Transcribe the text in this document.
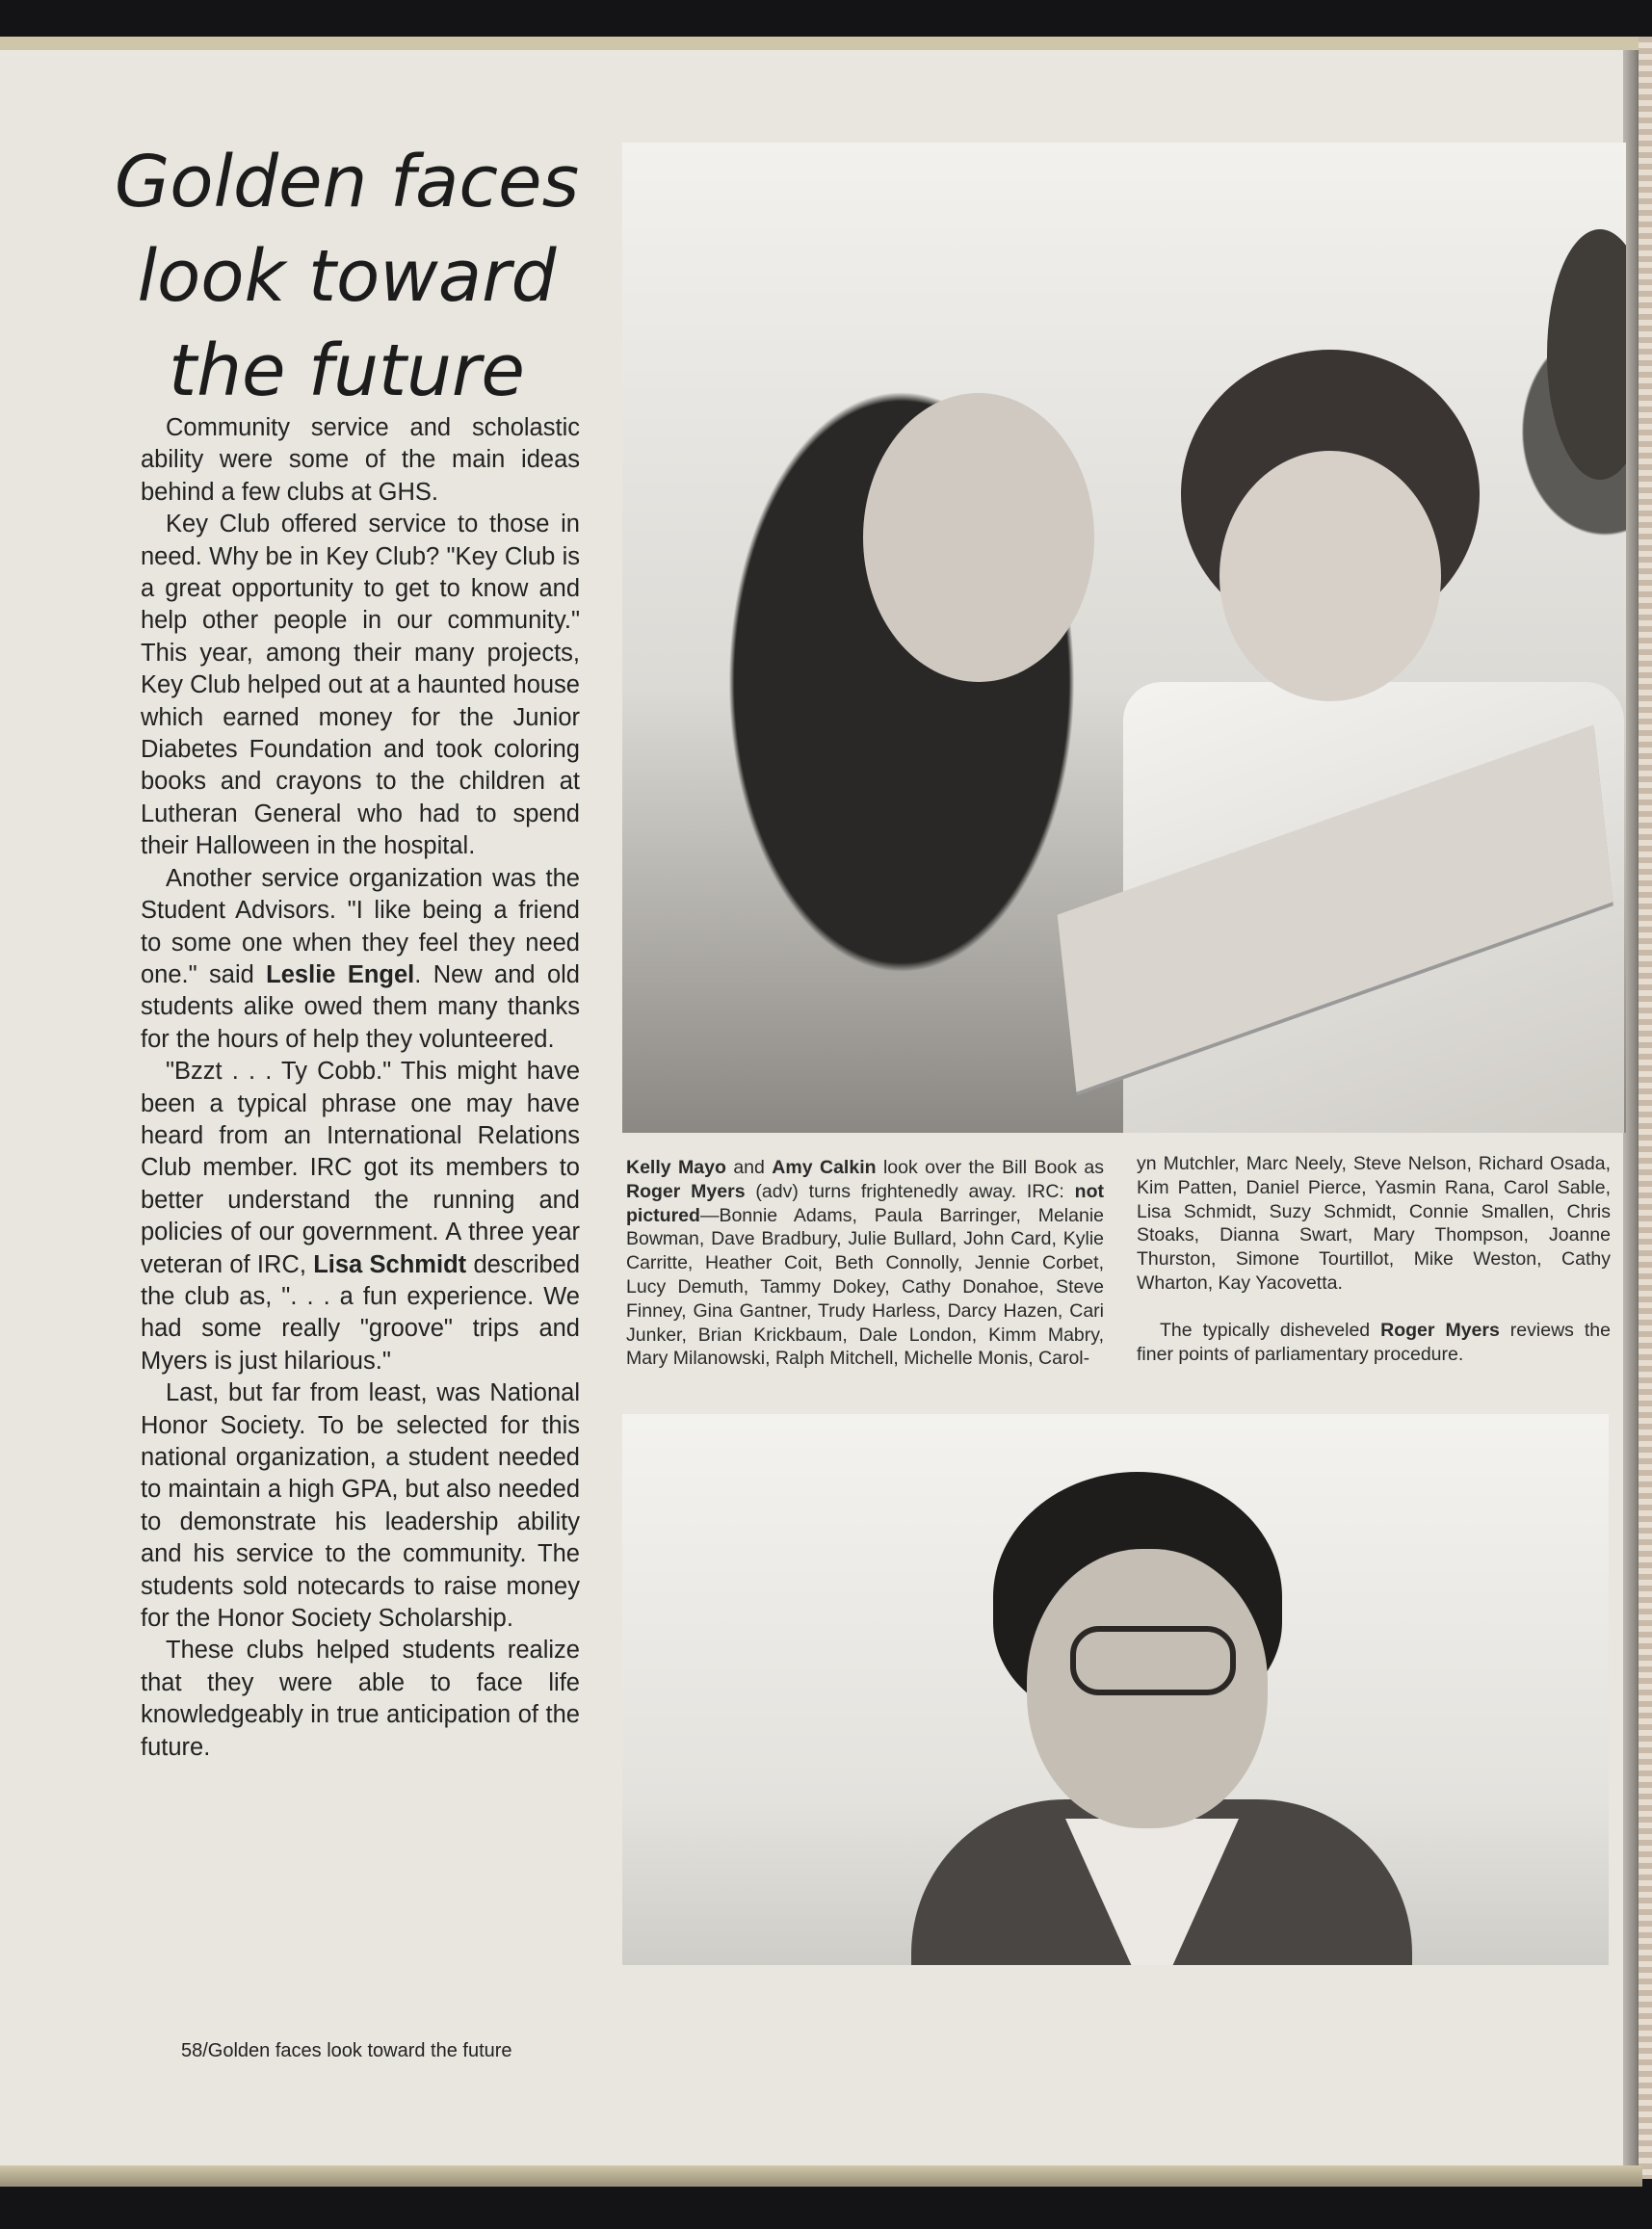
Golden faces
look toward
the future

Community service and scholastic ability were some of the main ideas behind a few clubs at GHS.

Key Club offered service to those in need. Why be in Key Club? "Key Club is a great opportunity to get to know and help other people in our community." This year, among their many projects, Key Club helped out at a haunted house which earned money for the Junior Diabetes Foundation and took coloring books and crayons to the children at Lutheran General who had to spend their Halloween in the hospital.

Another service organization was the Student Advisors. "I like being a friend to some one when they feel they need one." said Leslie Engel. New and old students alike owed them many thanks for the hours of help they volunteered.

"Bzzt . . . Ty Cobb." This might have been a typical phrase one may have heard from an International Relations Club member. IRC got its members to better understand the running and policies of our government. A three year veteran of IRC, Lisa Schmidt described the club as, ". . . a fun experience. We had some really "groove" trips and Myers is just hilarious."

Last, but far from least, was National Honor Society. To be selected for this national organization, a student needed to maintain a high GPA, but also needed to demonstrate his leadership ability and his service to the community. The students sold notecards to raise money for the Honor Society Scholarship.

These clubs helped students realize that they were able to face life knowledgeably in true anticipation of the future.

Kelly Mayo and Amy Calkin look over the Bill Book as Roger Myers (adv) turns frightenedly away. IRC: not pictured—Bonnie Adams, Paula Barringer, Melanie Bowman, Dave Bradbury, Julie Bullard, John Card, Kylie Carritte, Heather Coit, Beth Connolly, Jennie Corbet, Lucy Demuth, Tammy Dokey, Cathy Donahoe, Steve Finney, Gina Gantner, Trudy Harless, Darcy Hazen, Cari Junker, Brian Krickbaum, Dale London, Kimm Mabry, Mary Milanowski, Ralph Mitchell, Michelle Monis, Carol-

yn Mutchler, Marc Neely, Steve Nelson, Richard Osada, Kim Patten, Daniel Pierce, Yasmin Rana, Carol Sable, Lisa Schmidt, Suzy Schmidt, Connie Smallen, Chris Stoaks, Dianna Swart, Mary Thompson, Joanne Thurston, Simone Tourtillot, Mike Weston, Cathy Wharton, Kay Yacovetta.

The typically disheveled Roger Myers reviews the finer points of parliamentary procedure.

58/Golden faces look toward the future
